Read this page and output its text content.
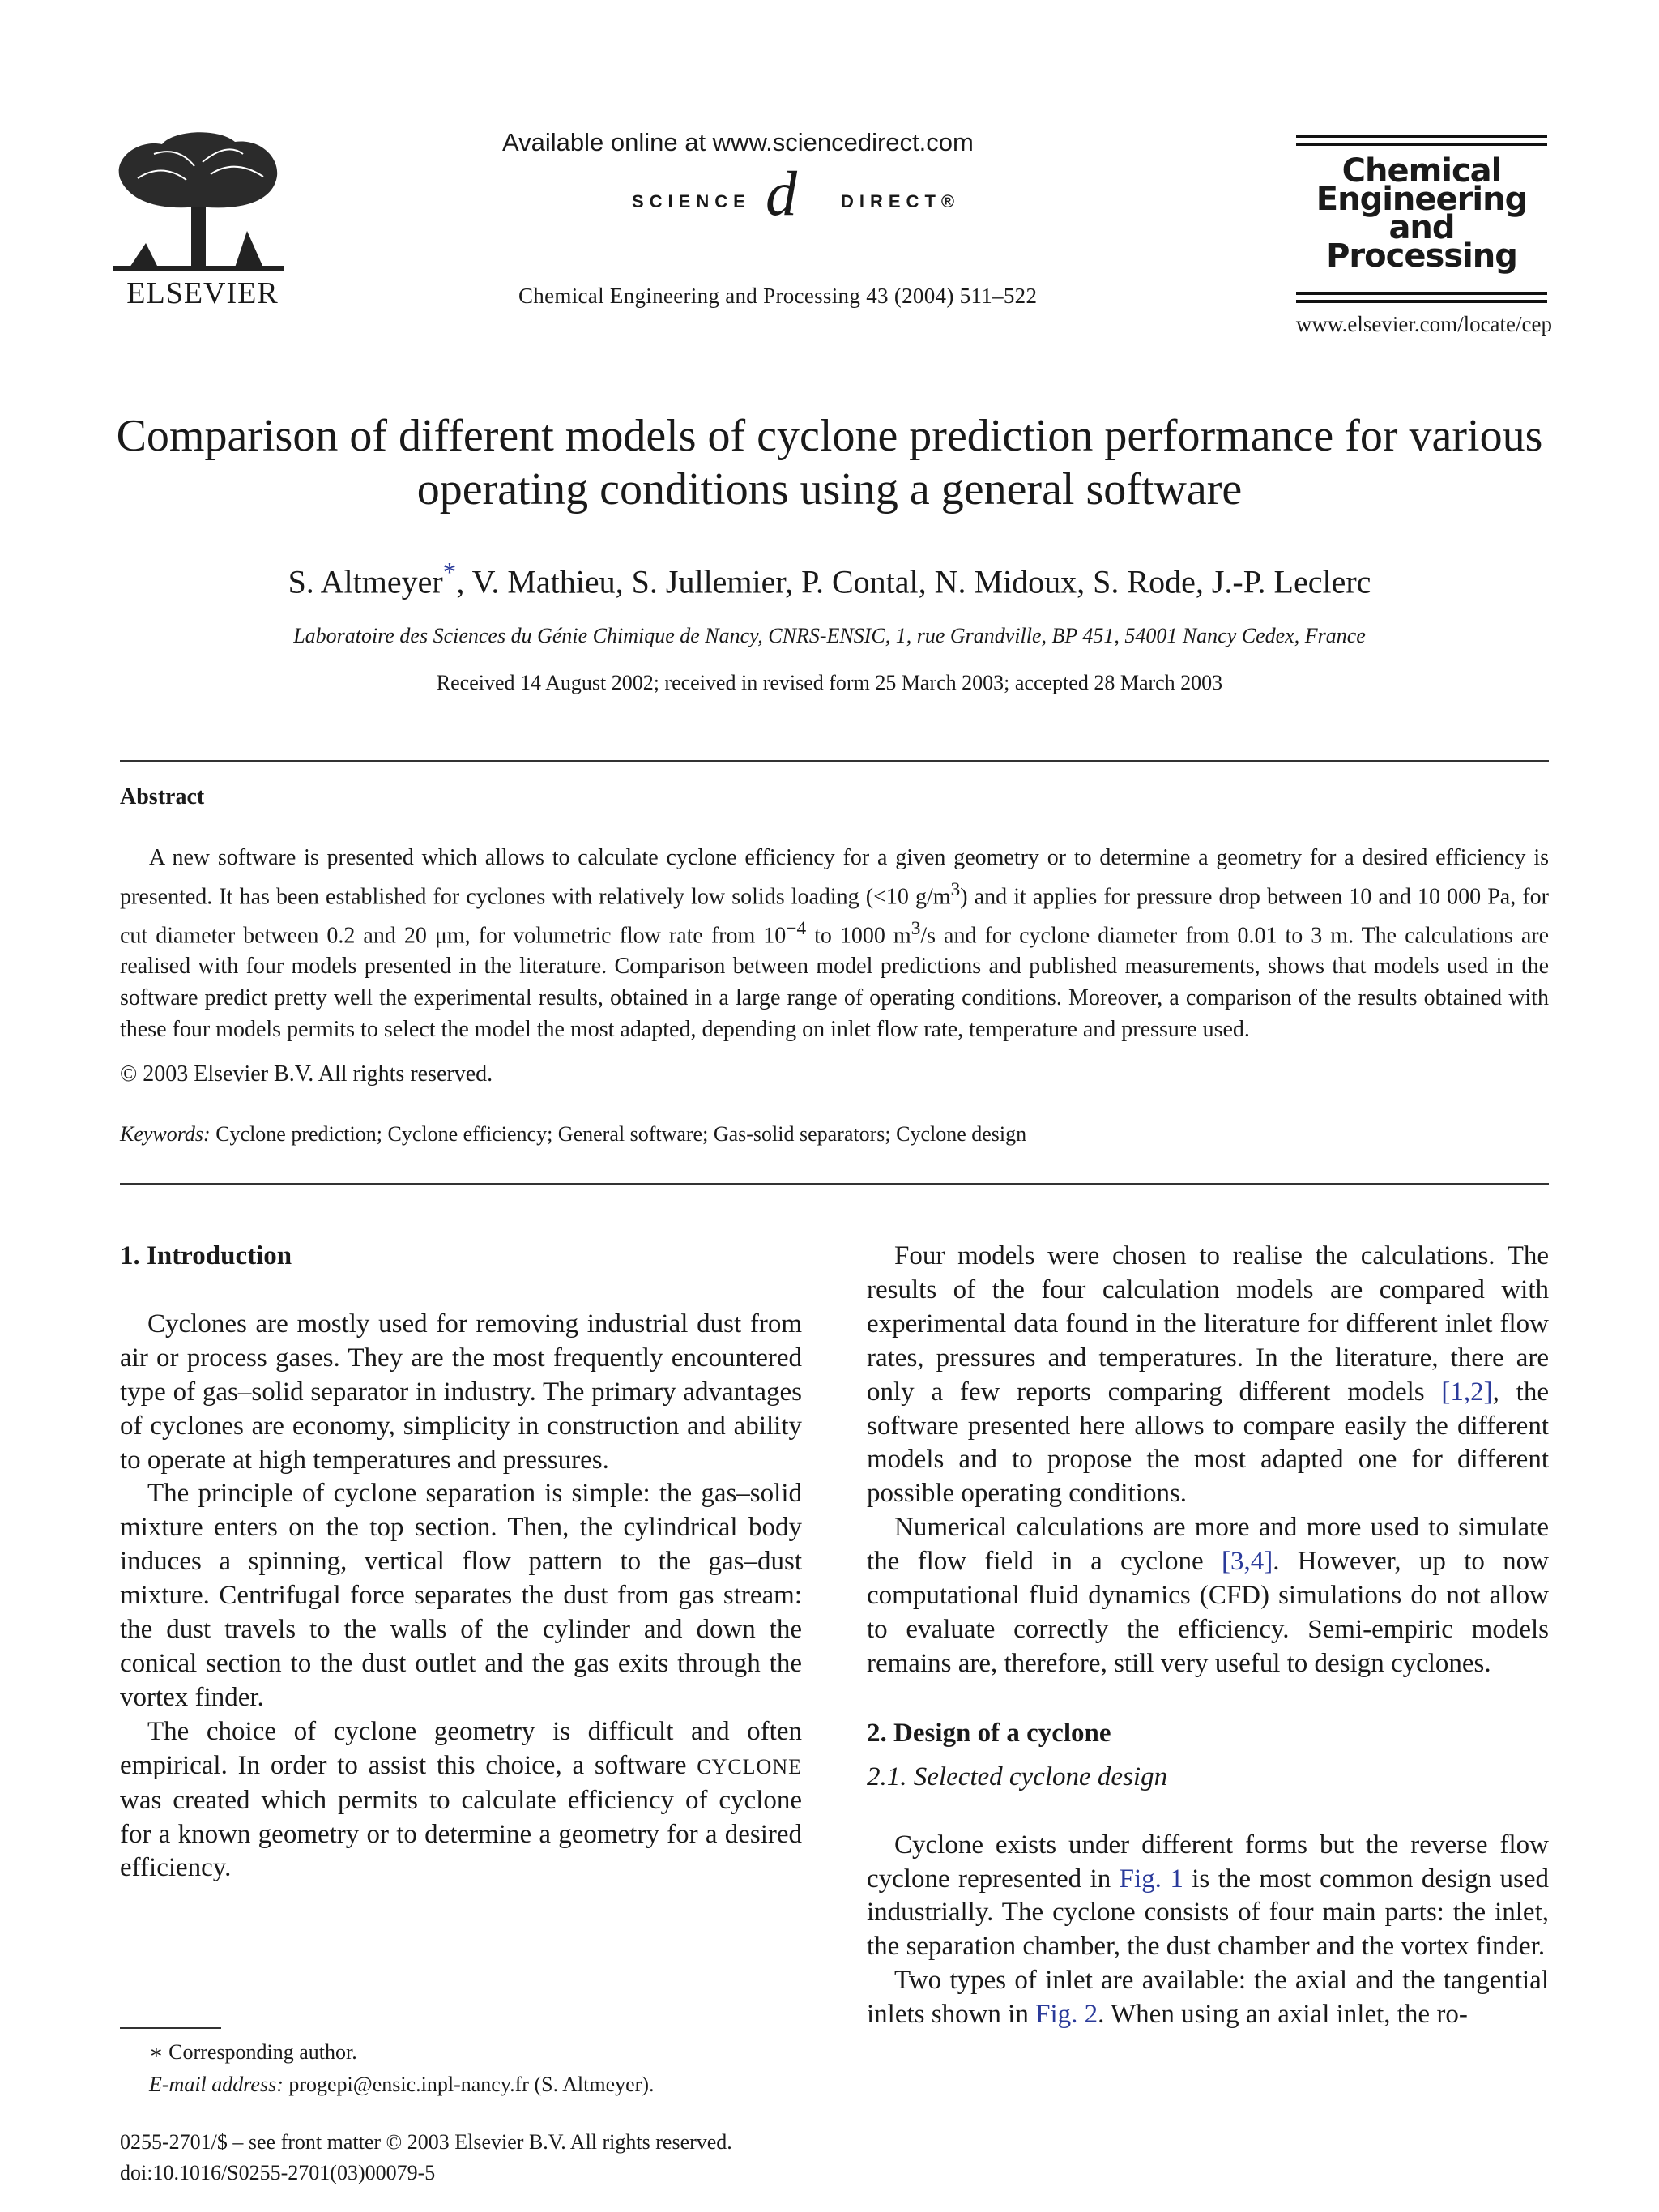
ELSEVIER
Available online at www.sciencedirect.com
SCIENCE d DIRECT®
Chemical Engineering and Processing 43 (2004) 511–522
Chemical
Engineering
and
Processing
www.elsevier.com/locate/cep
Comparison of different models of cyclone prediction performance for various operating conditions using a general software
S. Altmeyer*, V. Mathieu, S. Jullemier, P. Contal, N. Midoux, S. Rode, J.-P. Leclerc
Laboratoire des Sciences du Génie Chimique de Nancy, CNRS-ENSIC, 1, rue Grandville, BP 451, 54001 Nancy Cedex, France
Received 14 August 2002; received in revised form 25 March 2003; accepted 28 March 2003
Abstract
A new software is presented which allows to calculate cyclone efficiency for a given geometry or to determine a geometry for a desired efficiency is presented. It has been established for cyclones with relatively low solids loading (<10 $g/m^3$) and it applies for pressure drop between 10 and 10 000 Pa, for cut diameter between 0.2 and 20 μm, for volumetric flow rate from $10^{-4}$ to 1000 $m^3/s$ and for cyclone diameter from 0.01 to 3 m. The calculations are realised with four models presented in the literature. Comparison between model predictions and published measurements, shows that models used in the software predict pretty well the experimental results, obtained in a large range of operating conditions. Moreover, a comparison of the results obtained with these four models permits to select the model the most adapted, depending on inlet flow rate, temperature and pressure used.
© 2003 Elsevier B.V. All rights reserved.
Keywords: Cyclone prediction; Cyclone efficiency; General software; Gas-solid separators; Cyclone design
1. Introduction

Cyclones are mostly used for removing industrial dust from air or process gases. They are the most frequently encountered type of gas–solid separator in industry. The primary advantages of cyclones are economy, simplicity in construction and ability to operate at high temperatures and pressures.

The principle of cyclone separation is simple: the gas–solid mixture enters on the top section. Then, the cylindrical body induces a spinning, vertical flow pattern to the gas–dust mixture. Centrifugal force separates the dust from gas stream: the dust travels to the walls of the cylinder and down the conical section to the dust outlet and the gas exits through the vortex finder.

The choice of cyclone geometry is difficult and often empirical. In order to assist this choice, a software CYCLONE was created which permits to calculate efficiency of cyclone for a known geometry or to determine a geometry for a desired efficiency.

Four models were chosen to realise the calculations. The results of the four calculation models are compared with experimental data found in the literature for different inlet flow rates, pressures and temperatures. In the literature, there are only a few reports comparing different models [1,2], the software presented here allows to compare easily the different models and to propose the most adapted one for different possible operating conditions.

Numerical calculations are more and more used to simulate the flow field in a cyclone [3,4]. However, up to now computational fluid dynamics (CFD) simulations do not allow to evaluate correctly the efficiency. Semi-empiric models remains are, therefore, still very useful to design cyclones.

2. Design of a cyclone
2.1. Selected cyclone design

Cyclone exists under different forms but the reverse flow cyclone represented in Fig. 1 is the most common design used industrially. The cyclone consists of four main parts: the inlet, the separation chamber, the dust chamber and the vortex finder.

Two types of inlet are available: the axial and the tangential inlets shown in Fig. 2. When using an axial inlet, the ro-

∗ Corresponding author.
E-mail address: progepi@ensic.inpl-nancy.fr (S. Altmeyer).
0255-2701/$ – see front matter © 2003 Elsevier B.V. All rights reserved.
doi:10.1016/S0255-2701(03)00079-5
